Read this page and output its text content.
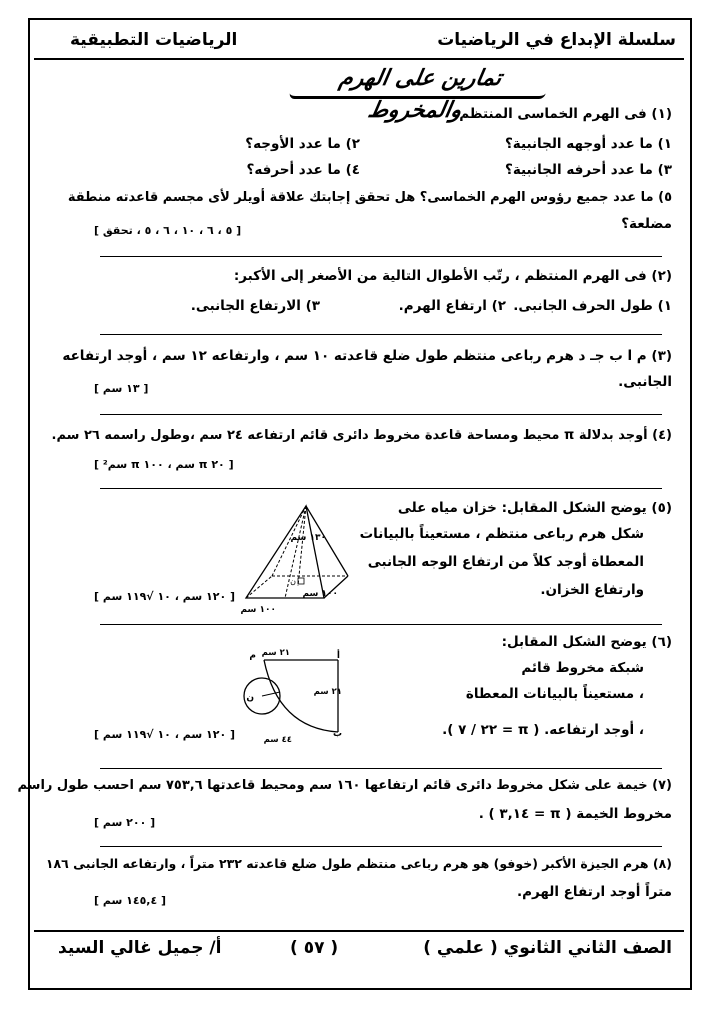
سلسلة الإبداع في الرياضيات
الرياضيات التطبيقية
تمارين على الهرم والمخروط	(١) فى الهرم الخماسى المنتظم:
١) ما عدد أوجهه الجانبية؟
٢) ما عدد الأوجه؟
٣) ما عدد أحرفه الجانبية؟
٤) ما عدد أحرفه؟
٥) ما عدد جميع رؤوس الهرم الخماسى؟ هل تحقق إجابتك علاقة أويلر لأى مجسم قاعدته منطقة
مضلعة؟
[ ٥ ، ٦ ، ١٠ ، ٦ ، ٥ ، تحقق ]
(٢) فى الهرم المنتظم ، رتّب الأطوال التالية من الأصغر إلى الأكبر:
١) طول الحرف الجانبى.
٢) ارتفاع الهرم.
٣) الارتفاع الجانبى.
(٣) م ا ب جـ د هرم رباعى منتظم طول ضلع قاعدته ١٠ سم ، وارتفاعه ١٢ سم ، أوجد ارتفاعه
الجانبى.
[ ١٣ سم ]
(٤) أوجد بدلالة π محيط ومساحة قاعدة مخروط دائرى قائم ارتفاعه ٢٤ سم ،وطول راسمه ٢٦ سم.
[ ٢٠ π سم ، ١٠٠ π سم² ]
(٥) يوضح الشكل المقابل: خزان مياه على
شكل هرم رباعى منتظم ، مستعيناً بالبيانات
المعطاة أوجد كلاً من ارتفاع الوجه الجانبى
وارتفاع الخزان.
[ ١٢٠ سم ، ١٠ √١١٩ سم ]
ن
١٣٠ سم
١٠٠ سم
١٠٠ سم
(٦) يوضح الشكل المقابل:
شبكة مخروط قائم
، مستعيناً بالبيانات المعطاة
، أوجد ارتفاعه. ( π = ٢٢ / ٧ ).
[ ١٢٠ سم ، ١٠ √١١٩ سم ]
م	أ
ب
ن
٢١ سم
٢١ سم
٤٤ سم
(٧) خيمة على شكل مخروط دائرى قائم ارتفاعها ١٦٠ سم ومحيط قاعدتها ٧٥٣,٦ سم احسب طول راسم
مخروط الخيمة ( π = ٣,١٤ ) .
[ ٢٠٠ سم ]
(٨) هرم الجيزة الأكبر (خوفو) هو هرم رباعى منتظم طول ضلع قاعدته ٢٣٢ متراً ، وارتفاعه الجانبى ١٨٦
متراً أوجد ارتفاع الهرم.
[ ١٤٥,٤ سم ]
الصف الثاني الثانوي ( علمي )
( ٥٧ )
أ/ جميل غالي السيد
